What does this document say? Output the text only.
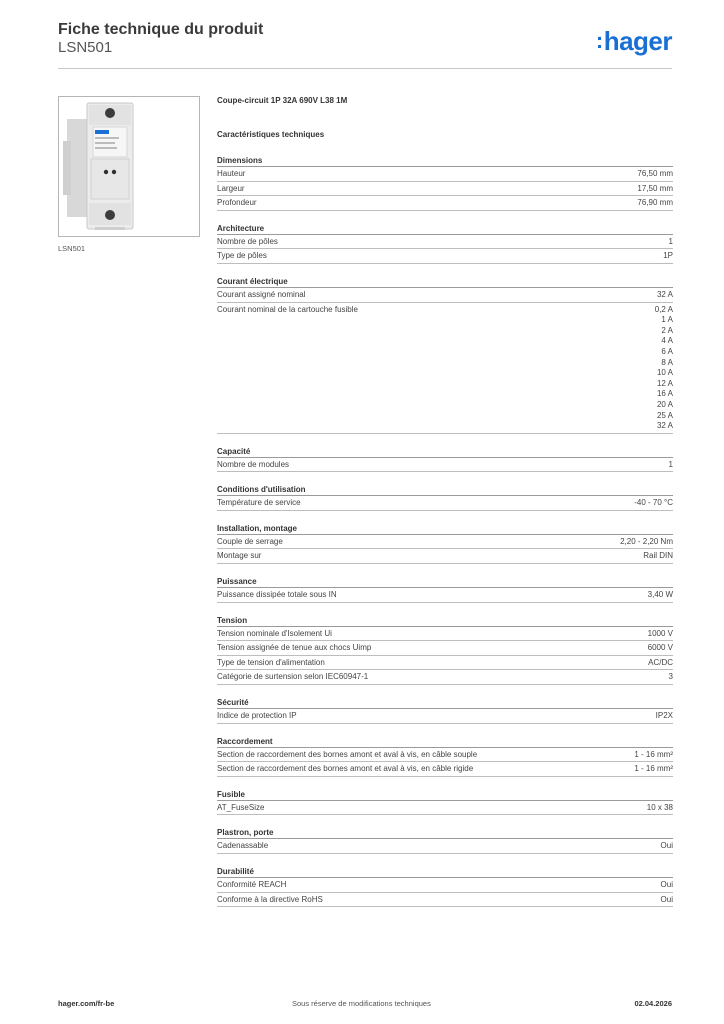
Fiche technique du produit
LSN501	:hager
LSN501
Coupe-circuit 1P 32A 690V L38 1M
Caractéristiques techniques
Dimensions
Hauteur	76,50 mm
Largeur	17,50 mm
Profondeur	76,90 mm
Architecture
Nombre de pôles	1
Type de pôles	1P
Courant électrique
Courant assigné nominal	32 A
Courant nominal de la cartouche fusible	0,2 A
1 A
2 A
4 A
6 A
8 A
10 A
12 A
16 A
20 A
25 A
32 A
Capacité
Nombre de modules	1
Conditions d'utilisation
Température de service	-40 - 70 °C
Installation, montage
Couple de serrage	2,20 - 2,20 Nm
Montage sur	Rail DIN
Puissance
Puissance dissipée totale sous IN	3,40 W
Tension
Tension nominale d'Isolement Ui	1000 V
Tension assignée de tenue aux chocs Uimp	6000 V
Type de tension d'alimentation	AC/DC
Catégorie de surtension selon IEC60947-1	3
Sécurité
Indice de protection IP	IP2X
Raccordement
Section de raccordement des bornes amont et aval à vis, en câble souple	1 - 16 mm²
Section de raccordement des bornes amont et aval à vis, en câble rigide	1 - 16 mm²
Fusible
AT_FuseSize	10 x 38
Plastron, porte
Cadenassable	Oui
Durabilité
Conformité REACH	Oui
Conforme à la directive RoHS	Oui
hager.com/fr-be	Sous réserve de modifications techniques	02.04.2026
